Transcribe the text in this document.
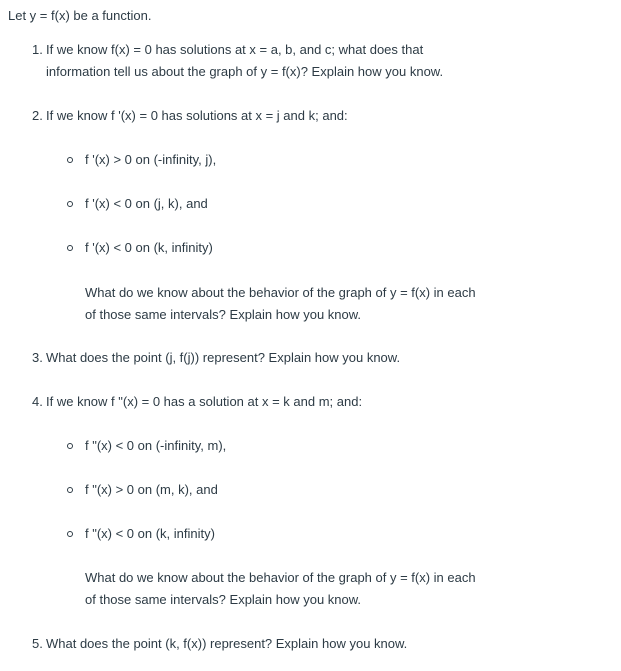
Let y = f(x) be a function.
1. If we know f(x) = 0 has solutions at x = a, b, and c; what does that
information tell us about the graph of y = f(x)? Explain how you know.
2. If we know f '(x) = 0 has solutions at x = j and k; and:
f '(x) > 0 on (-infinity, j),
f '(x) < 0 on (j, k), and
f '(x) < 0 on (k, infinity)
What do we know about the behavior of the graph of y = f(x) in each
of those same intervals? Explain how you know.
3. What does the point (j, f(j)) represent? Explain how you know.
4. If we know f "(x) = 0 has a solution at x = k and m; and:
f "(x) < 0 on (-infinity, m),
f "(x) > 0 on (m, k), and
f "(x) < 0 on (k, infinity)
What do we know about the behavior of the graph of y = f(x) in each
of those same intervals? Explain how you know.
5. What does the point (k, f(x)) represent? Explain how you know.
